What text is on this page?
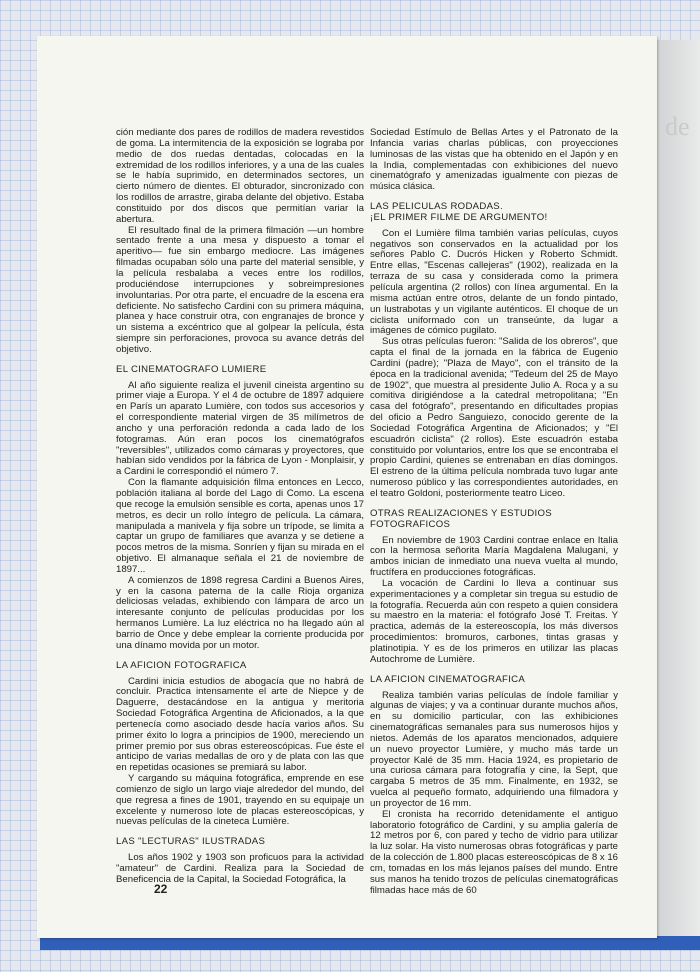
de

ción mediante dos pares de rodillos de madera revestidos de goma. La intermitencia de la exposición se lograba por medio de dos ruedas dentadas, colocadas en la extremidad de los rodillos inferiores, y a una de las cuales se le había suprimido, en determinados sectores, un cierto número de dientes. El obturador, sincronizado con los rodillos de arrastre, giraba delante del objetivo. Estaba constituido por dos discos que permitían variar la abertura.

El resultado final de la primera filmación —un hombre sentado frente a una mesa y dispuesto a tomar el aperitivo— fue sin embargo mediocre. Las imágenes filmadas ocupaban sólo una parte del material sensible, y la película resbalaba a veces entre los rodillos, produciéndose interrupciones y sobreimpresiones involuntarias. Por otra parte, el encuadre de la escena era deficiente. No satisfecho Cardini con su primera máquina, planea y hace construir otra, con engranajes de bronce y un sistema a excéntrico que al golpear la película, ésta siempre sin perforaciones, provoca su avance detrás del objetivo.

EL CINEMATOGRAFO LUMIERE

Al año siguiente realiza el juvenil cineista argentino su primer viaje a Europa. Y el 4 de octubre de 1897 adquiere en París un aparato Lumière, con todos sus accesorios y el correspondiente material virgen de 35 milímetros de ancho y una perforación redonda a cada lado de los fotogramas. Aún eran pocos los cinematógrafos "reversibles", utilizados como cámaras y proyectores, que habían sido vendidos por la fábrica de Lyon - Monplaisir, y a Cardini le correspondió el número 7.

Con la flamante adquisición filma entonces en Lecco, población italiana al borde del Lago di Como. La escena que recoge la emulsión sensible es corta, apenas unos 17 metros, es decir un rollo íntegro de película. La cámara, manipulada a manivela y fija sobre un trípode, se limita a captar un grupo de familiares que avanza y se detiene a pocos metros de la misma. Sonríen y fijan su mirada en el objetivo. El almanaque señala el 21 de noviembre de 1897...

A comienzos de 1898 regresa Cardini a Buenos Aires, y en la casona paterna de la calle Rioja organiza deliciosas veladas, exhibiendo con lámpara de arco un interesante conjunto de películas producidas por los hermanos Lumière. La luz eléctrica no ha llegado aún al barrio de Once y debe emplear la corriente producida por una dínamo movida por un motor.

LA AFICION FOTOGRAFICA

Cardini inicia estudios de abogacía que no habrá de concluir. Practica intensamente el arte de Niepce y de Daguerre, destacándose en la antigua y meritoria Sociedad Fotográfica Argentina de Aficionados, a la que pertenecía como asociado desde hacía varios años. Su primer éxito lo logra a principios de 1900, mereciendo un primer premio por sus obras estereoscópicas. Fue éste el anticipo de varias medallas de oro y de plata con las que en repetidas ocasiones se premiará su labor.

Y cargando su máquina fotográfica, emprende en ese comienzo de siglo un largo viaje alrededor del mundo, del que regresa a fines de 1901, trayendo en su equipaje un excelente y numeroso lote de placas estereoscópicas, y nuevas películas de la cineteca Lumière.

LAS "LECTURAS" ILUSTRADAS

Los años 1902 y 1903 son proficuos para la actividad "amateur" de Cardini. Realiza para la Sociedad de Beneficencia de la Capital, la Sociedad Fotográfica, la

Sociedad Estímulo de Bellas Artes y el Patronato de la Infancia varias charlas públicas, con proyecciones luminosas de las vistas que ha obtenido en el Japón y en la India, complementadas con exhibiciones del nuevo cinematógrafo y amenizadas igualmente con piezas de música clásica.

LAS PELICULAS RODADAS.
¡EL PRIMER FILME DE ARGUMENTO!

Con el Lumière filma también varias películas, cuyos negativos son conservados en la actualidad por los señores Pablo C. Ducrós Hicken y Roberto Schmidt. Entre ellas, "Escenas callejeras" (1902), realizada en la terraza de su casa y considerada como la primera película argentina (2 rollos) con línea argumental. En la misma actúan entre otros, delante de un fondo pintado, un lustrabotas y un vigilante auténticos. El choque de un ciclista uniformado con un transeúnte, da lugar a imágenes de cómico pugilato.

Sus otras películas fueron: "Salida de los obreros", que capta el final de la jornada en la fábrica de Eugenio Cardini (padre); "Plaza de Mayo", con el tránsito de la época en la tradicional avenida; "Tedeum del 25 de Mayo de 1902", que muestra al presidente Julio A. Roca y a su comitiva dirigiéndose a la catedral metropolitana; "En casa del fotógrafo", presentando en dificultades propias del oficio a Pedro Sanguiezo, conocido gerente de la Sociedad Fotográfica Argentina de Aficionados; y "El escuadrón ciclista" (2 rollos). Este escuadrón estaba constituido por voluntarios, entre los que se encontraba el propio Cardini, quienes se entrenaban en días domingos. El estreno de la última película nombrada tuvo lugar ante numeroso público y las correspondientes autoridades, en el teatro Goldoni, posteriormente teatro Liceo.

OTRAS REALIZACIONES Y ESTUDIOS FOTOGRAFICOS

En noviembre de 1903 Cardini contrae enlace en Italia con la hermosa señorita María Magdalena Malugani, y ambos inician de inmediato una nueva vuelta al mundo, fructífera en producciones fotográficas.

La vocación de Cardini lo lleva a continuar sus experimentaciones y a completar sin tregua su estudio de la fotografía. Recuerda aún con respeto a quien considera su maestro en la materia: el fotógrafo José T. Freitas. Y practica, además de la estereoscopía, los más diversos procedimientos: bromuros, carbones, tintas grasas y platinotipia. Y es de los primeros en utilizar las placas Autochrome de Lumière.

LA AFICION CINEMATOGRAFICA

Realiza también varias películas de índole familiar y algunas de viajes; y va a continuar durante muchos años, en su domicilio particular, con las exhibiciones cinematográficas semanales para sus numerosos hijos y nietos. Además de los aparatos mencionados, adquiere un nuevo proyector Lumière, y mucho más tarde un proyector Kalé de 35 mm. Hacia 1924, es propietario de una curiosa cámara para fotografía y cine, la Sept, que cargaba 5 metros de 35 mm. Finalmente, en 1932, se vuelca al pequeño formato, adquiriendo una filmadora y un proyector de 16 mm.

El cronista ha recorrido detenidamente el antiguo laboratorio fotográfico de Cardini, y su amplia galería de 12 metros por 6, con pared y techo de vidrio para utilizar la luz solar. Ha visto numerosas obras fotográficas y parte de la colección de 1.800 placas estereoscópicas de 8 x 16 cm, tomadas en los más lejanos países del mundo. Entre sus manos ha tenido trozos de películas cinematográficas filmadas hace más de 60

22
